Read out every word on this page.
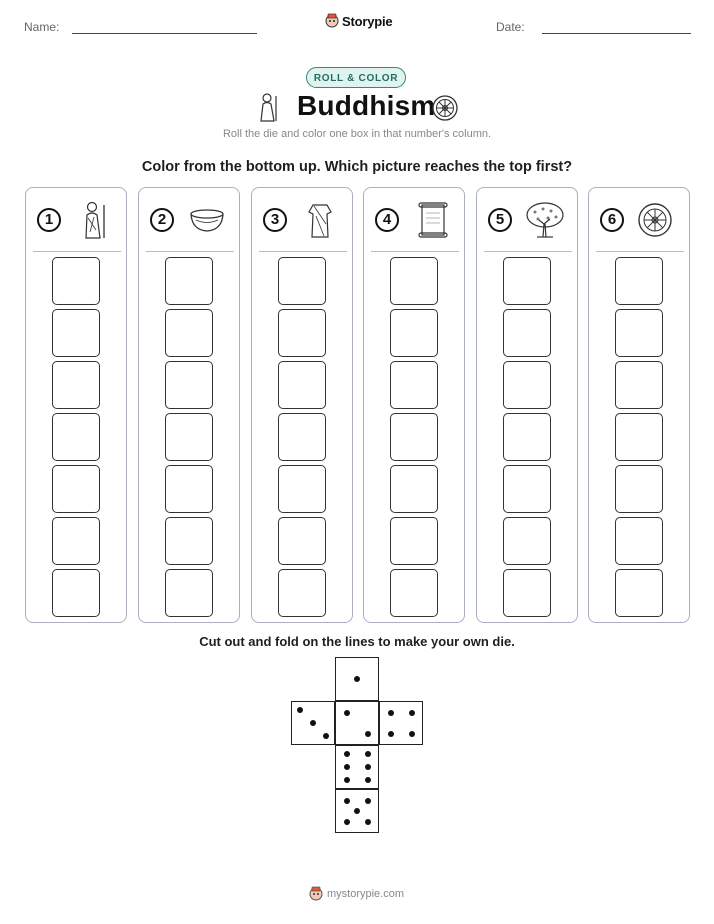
Name:	Date:
Storypie
ROLL & COLOR
Buddhism
Roll the die and color one box in that number's column.
Color from the bottom up. Which picture reaches the top first?
1	2	3	4	5	6
Cut out and fold on the lines to make your own die.
mystorypie.com
